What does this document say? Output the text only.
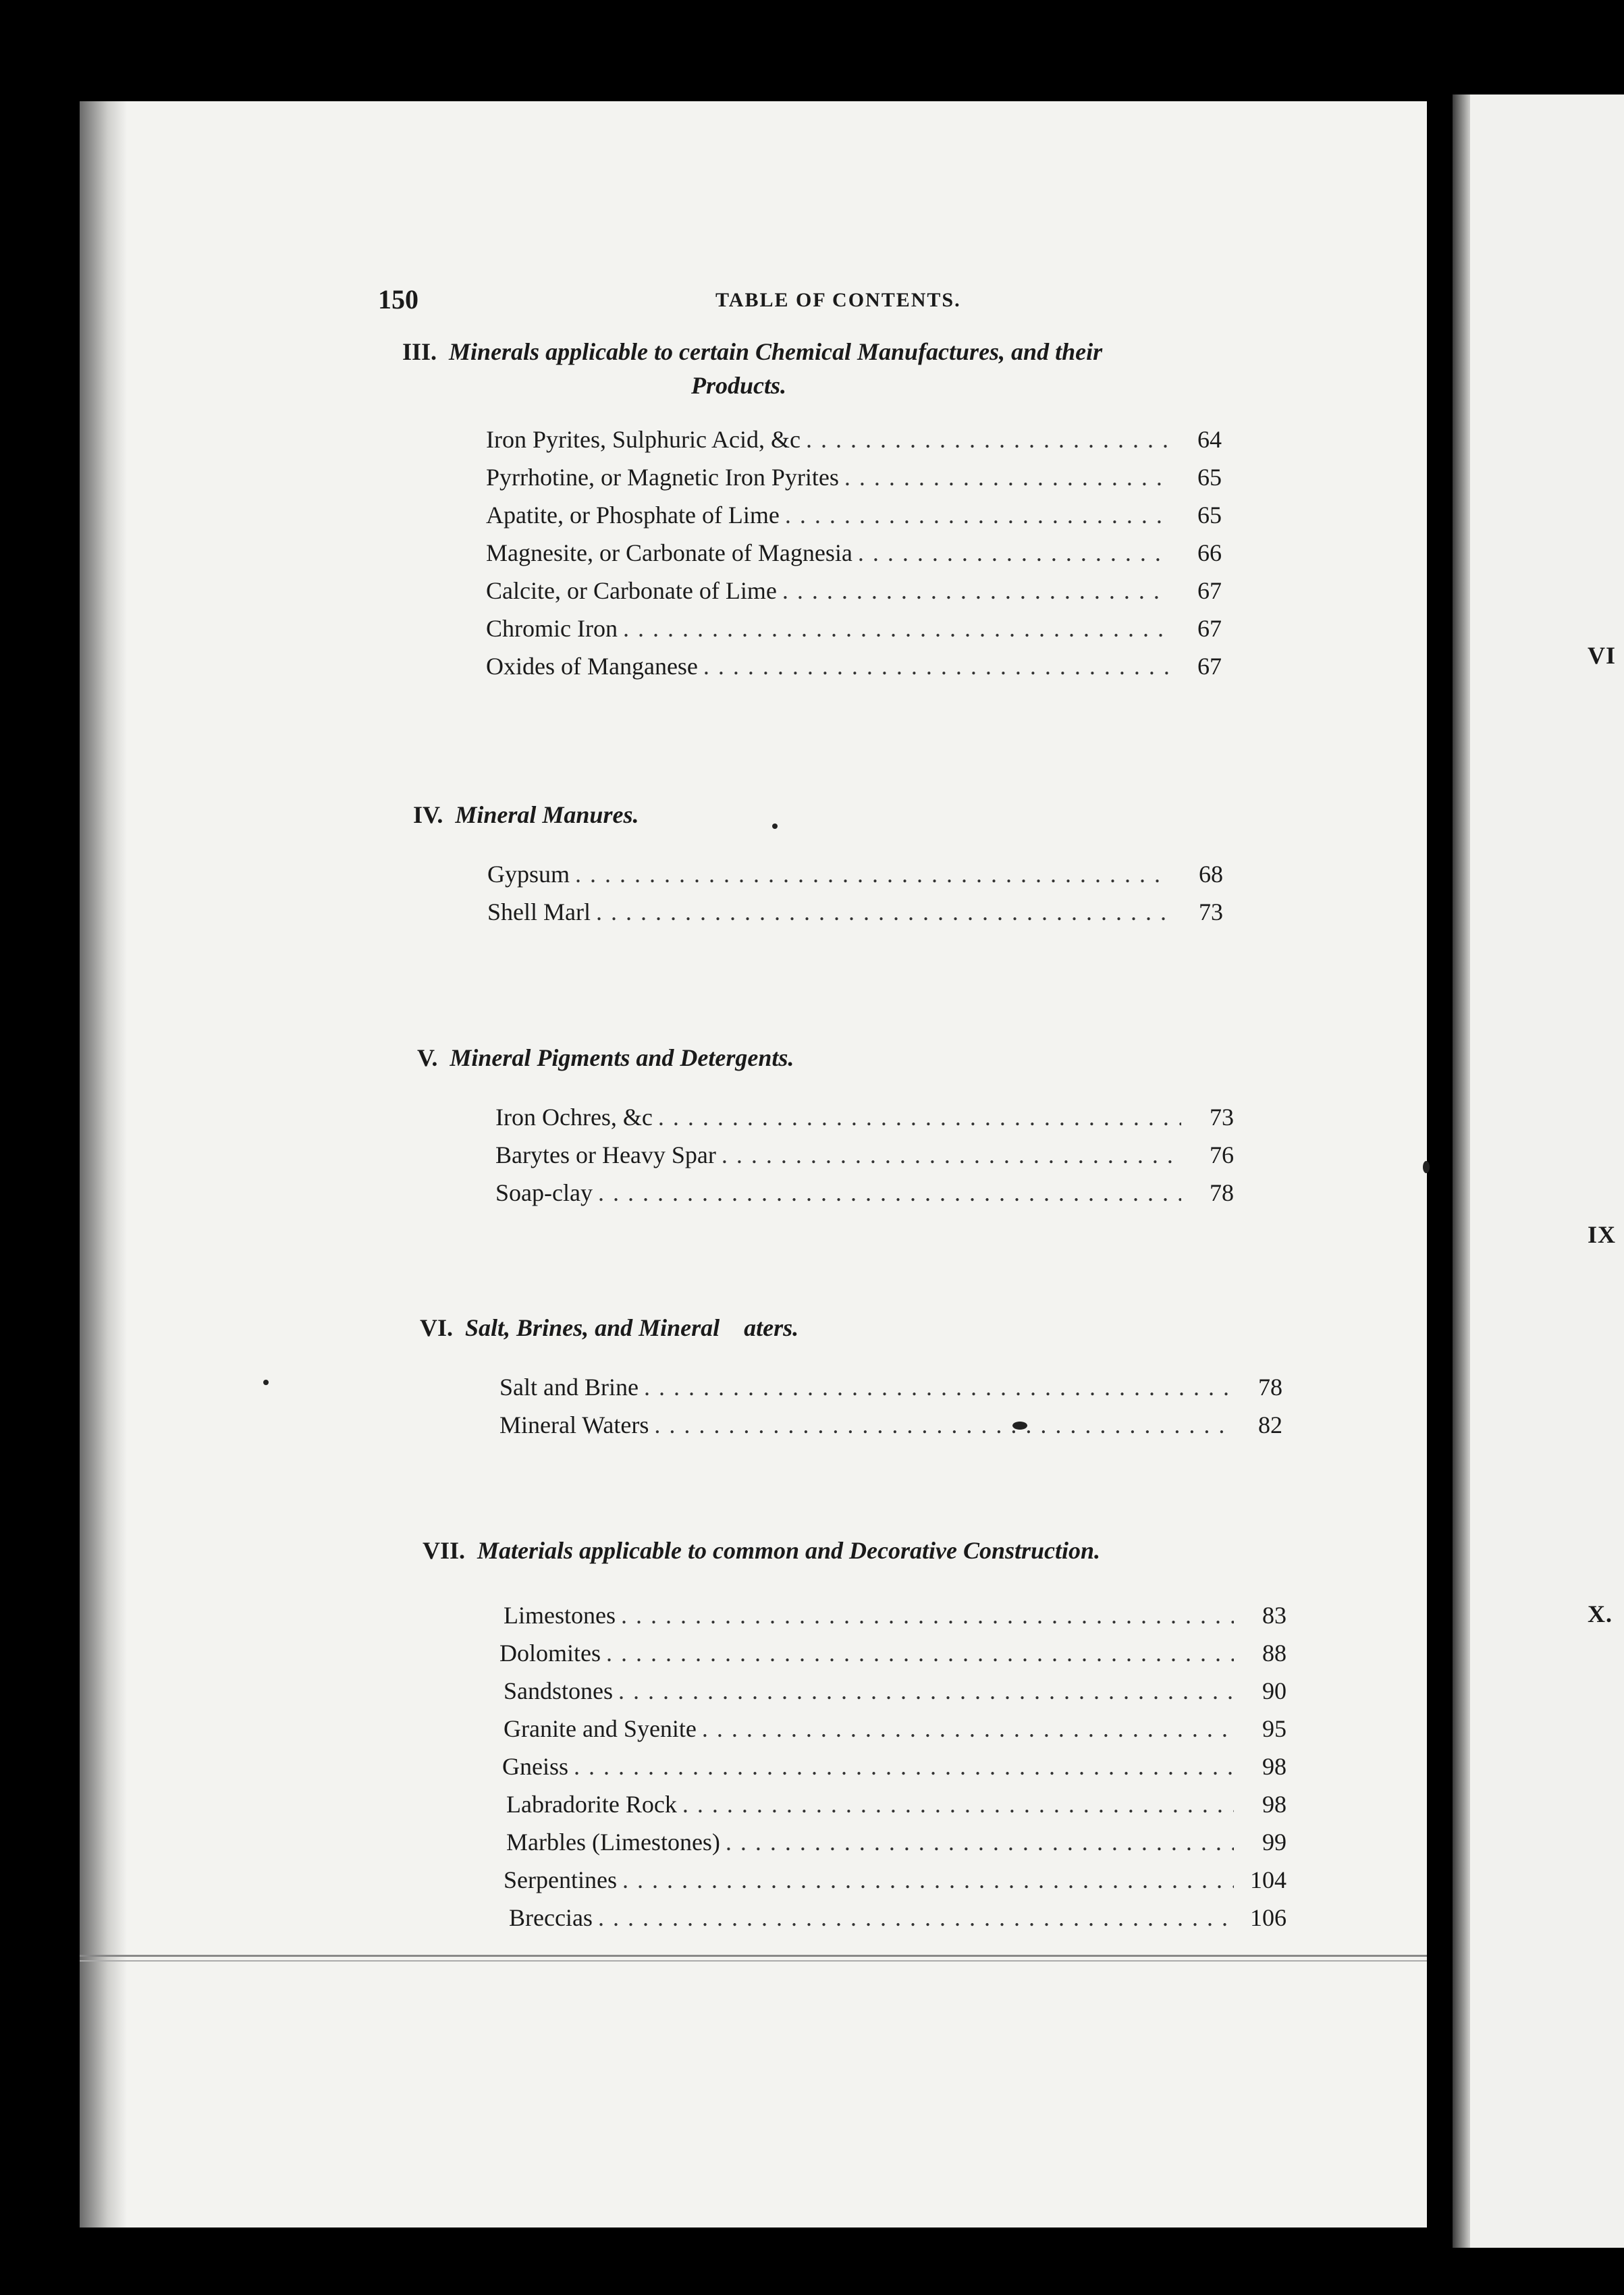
VI
IX
X.
150	TABLE OF CONTENTS.
III. Minerals applicable to certain Chemical Manufactures, and their
Products.
Iron Pyrites, Sulphuric Acid, &c . . .	64
Pyrrhotine, or Magnetic Iron Pyrites . . .	65
Apatite, or Phosphate of Lime . . .	65
Magnesite, or Carbonate of Magnesia . . .	66
Calcite, or Carbonate of Lime . . .	67
Chromic Iron . . .	67
Oxides of Manganese . . .	67
IV. Mineral Manures.
Gypsum . . .	68
Shell Marl . . .	73
V. Mineral Pigments and Detergents.
Iron Ochres, &c . . .	73
Barytes or Heavy Spar . . .	76
Soap-clay . . .	78
VI. Salt, Brines, and Mineral    aters.
Salt and Brine . . .	78
Mineral Waters . . .	82
VII. Materials applicable to common and Decorative Construction.
Limestones . . .	83
Dolomites . . .	88
Sandstones . . .	90
Granite and Syenite . . .	95
Gneiss . . .	98
Labradorite Rock . . .	98
Marbles (Limestones) . . .	99
Serpentines . . .	104
Breccias . . .	106
